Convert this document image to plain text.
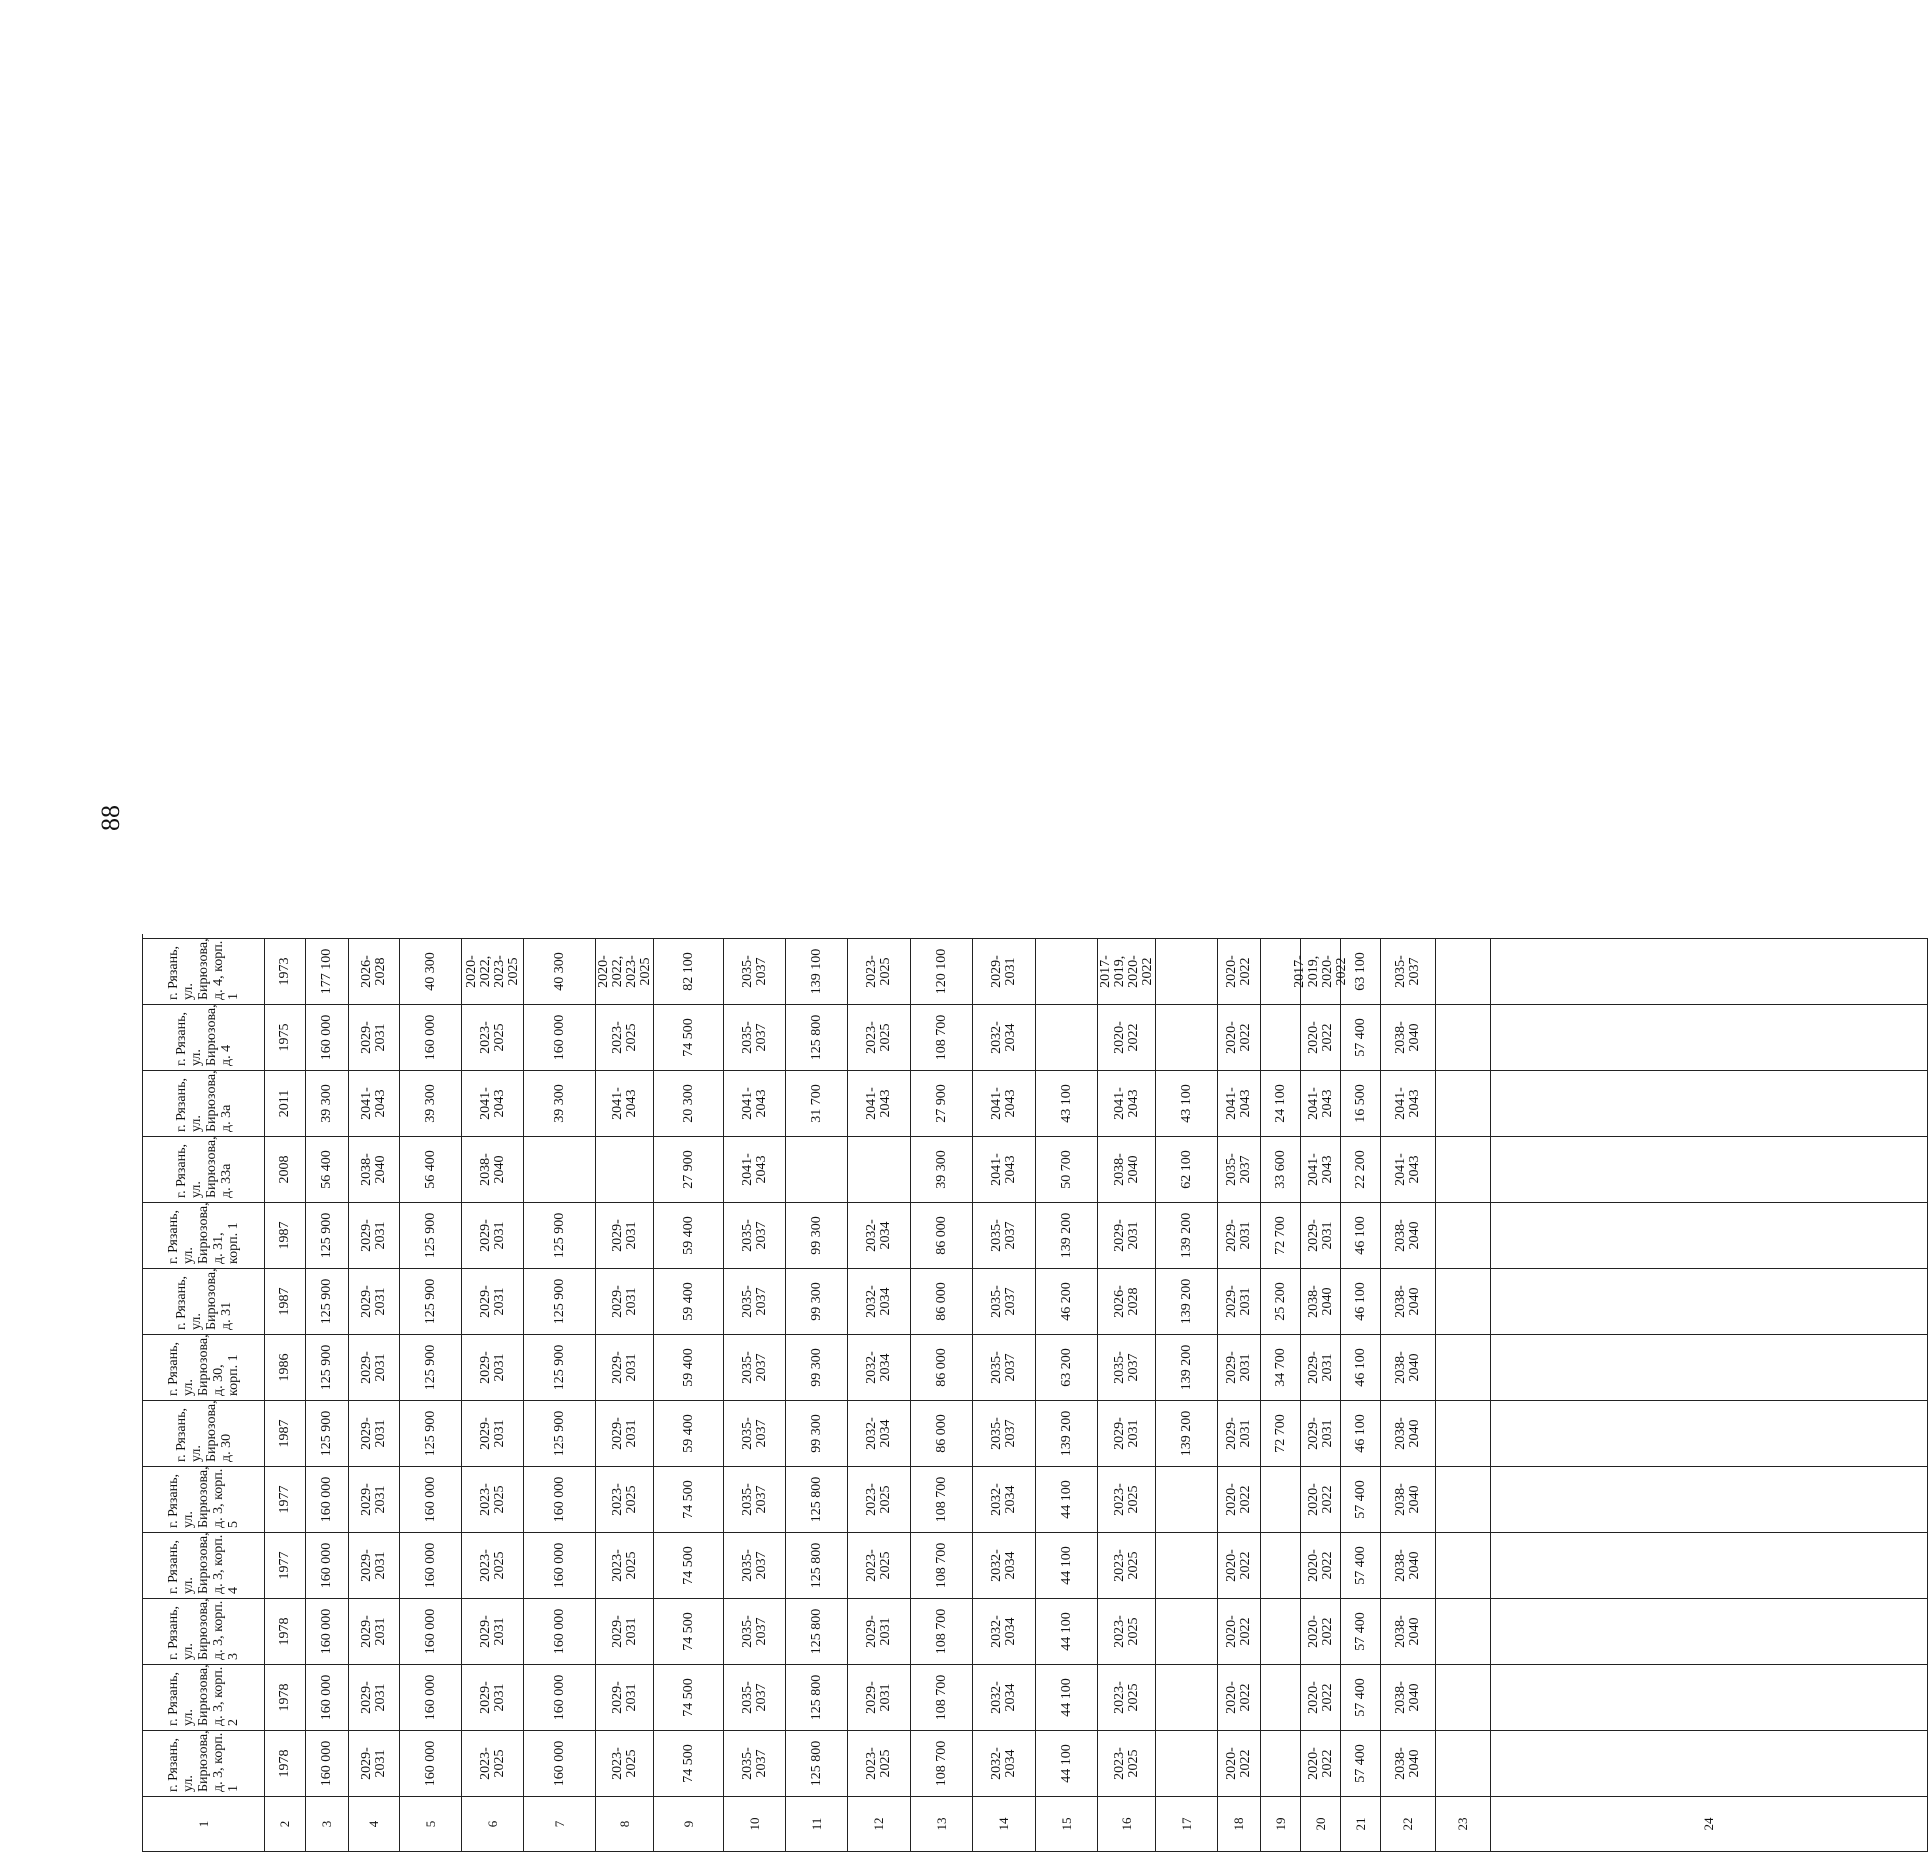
88
1
г. Рязань, ул. Бирюзова,
д. 3, корп. 1
г. Рязань, ул. Бирюзова,
д. 3, корп. 2
г. Рязань, ул. Бирюзова,
д. 3, корп. 3
г. Рязань, ул. Бирюзова,
д. 3, корп. 4
г. Рязань, ул. Бирюзова,
д. 3, корп. 5
г. Рязань, ул. Бирюзова, д. 30
г. Рязань, ул. Бирюзова,
д. 30, корп. 1
г. Рязань, ул. Бирюзова, д. 31
г. Рязань, ул. Бирюзова,
д. 31, корп. 1
г. Рязань, ул. Бирюзова,
д. 33а
г. Рязань, ул. Бирюзова, д. 3а
г. Рязань, ул. Бирюзова, д. 4
г. Рязань, ул. Бирюзова,
д. 4, корп. 1
2
1978
1978
1978
1977
1977
1987
1986
1987
1987
2008
2011
1975
1973
3
160 000
160 000
160 000
160 000
160 000
125 900
125 900
125 900
125 900
56 400
39 300
160 000
177 100
4
2029-
2031
2029-
2031
2029-
2031
2029-
2031
2029-
2031
2029-
2031
2029-
2031
2029-
2031
2029-
2031
2038-
2040
2041-
2043
2029-
2031
2026-
2028
5
160 000
160 000
160 000
160 000
160 000
125 900
125 900
125 900
125 900
56 400
39 300
160 000
40 300
6
2023-
2025
2029-
2031
2029-
2031
2023-
2025
2023-
2025
2029-
2031
2029-
2031
2029-
2031
2029-
2031
2038-
2040
2041-
2043
2023-
2025
2020-
2022,
2023-
2025
7
160 000
160 000
160 000
160 000
160 000
125 900
125 900
125 900
125 900
39 300
160 000
40 300
8
2023-
2025
2029-
2031
2029-
2031
2023-
2025
2023-
2025
2029-
2031
2029-
2031
2029-
2031
2029-
2031
2041-
2043
2023-
2025
2020-
2022,
2023-
2025
9
74 500
74 500
74 500
74 500
74 500
59 400
59 400
59 400
59 400
27 900
20 300
74 500
82 100
10
2035-
2037
2035-
2037
2035-
2037
2035-
2037
2035-
2037
2035-
2037
2035-
2037
2035-
2037
2035-
2037
2041-
2043
2041-
2043
2035-
2037
2035-
2037
11
125 800
125 800
125 800
125 800
125 800
99 300
99 300
99 300
99 300
31 700
125 800
139 100
12
2023-
2025
2029-
2031
2029-
2031
2023-
2025
2023-
2025
2032-
2034
2032-
2034
2032-
2034
2032-
2034
2041-
2043
2023-
2025
2023-
2025
13
108 700
108 700
108 700
108 700
108 700
86 000
86 000
86 000
86 000
39 300
27 900
108 700
120 100
14
2032-
2034
2032-
2034
2032-
2034
2032-
2034
2032-
2034
2035-
2037
2035-
2037
2035-
2037
2035-
2037
2041-
2043
2041-
2043
2032-
2034
2029-
2031
15
44 100
44 100
44 100
44 100
44 100
139 200
63 200
46 200
139 200
50 700
43 100
16
2023-
2025
2023-
2025
2023-
2025
2023-
2025
2023-
2025
2029-
2031
2035-
2037
2026-
2028
2029-
2031
2038-
2040
2041-
2043
2020-
2022
2017-
2019,
2020-
2022
17
139 200
139 200
139 200
139 200
62 100
43 100
18
2020-
2022
2020-
2022
2020-
2022
2020-
2022
2020-
2022
2029-
2031
2029-
2031
2029-
2031
2029-
2031
2035-
2037
2041-
2043
2020-
2022
2020-
2022
19
72 700
34 700
25 200
72 700
33 600
24 100
20
2020-
2022
2020-
2022
2020-
2022
2020-
2022
2020-
2022
2029-
2031
2029-
2031
2038-
2040
2029-
2031
2041-
2043
2041-
2043
2020-
2022
2017-
2019,
2020-
2022
21
57 400
57 400
57 400
57 400
57 400
46 100
46 100
46 100
46 100
22 200
16 500
57 400
63 100
22
2038-
2040
2038-
2040
2038-
2040
2038-
2040
2038-
2040
2038-
2040
2038-
2040
2038-
2040
2038-
2040
2041-
2043
2041-
2043
2038-
2040
2035-
2037
23	24
